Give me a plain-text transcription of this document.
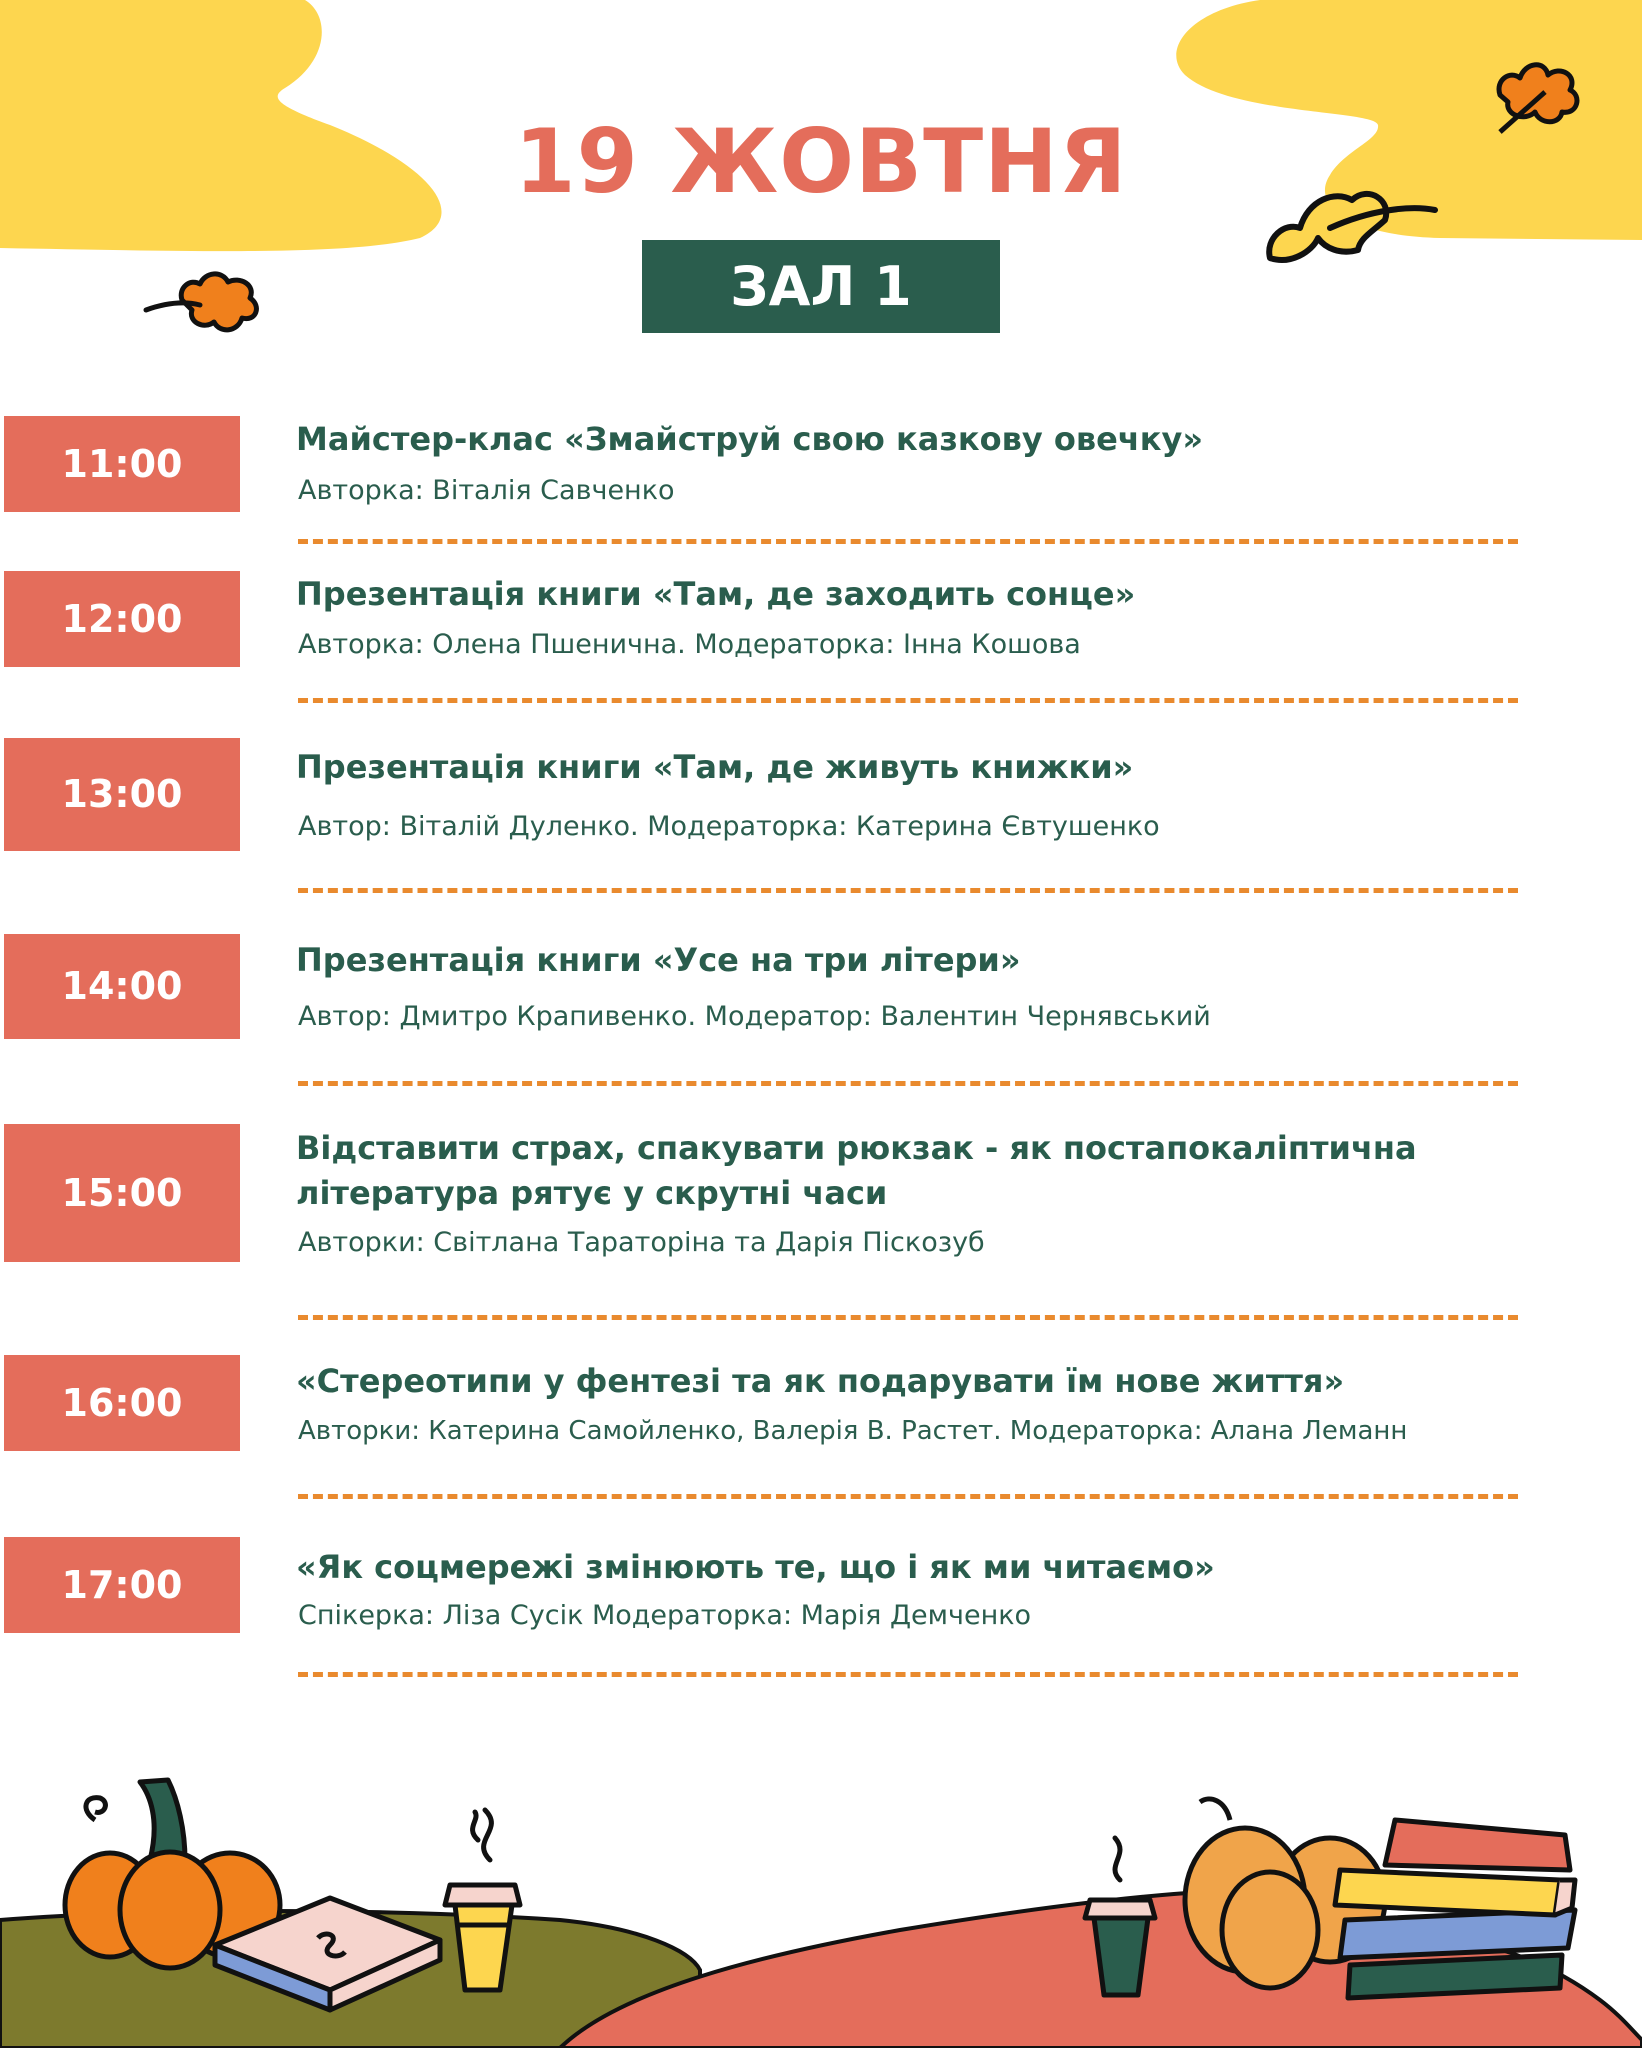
19 ЖОВТНЯ
ЗАЛ 1
11:00
Майстер-клас «Змайструй свою казкову овечку»
Авторка: Віталія Савченко
12:00
Презентація книги «Там, де заходить сонце»
Авторка: Олена Пшенична. Модераторка: Інна Кошова
13:00
Презентація книги «Там, де живуть книжки»
Автор: Віталій Дуленко. Модераторка: Катерина Євтушенко
14:00
Презентація книги «Усе на три літери»
Автор: Дмитро Крапивенко. Модератор: Валентин Чернявський
15:00
Відставити страх, спакувати рюкзак - як постапокаліптична література рятує у скрутні часи
Авторки: Світлана Тараторіна та Дарія Піскозуб
16:00	«Стереотипи у фентезі та як подарувати їм нове життя»
Авторки: Катерина Самойленко, Валерія В. Растет. Модераторка: Алана Леманн
17:00	«Як соцмережі змінюють те, що і як ми читаємо»
Спікерка: Ліза Сусік Модераторка: Марія Демченко
